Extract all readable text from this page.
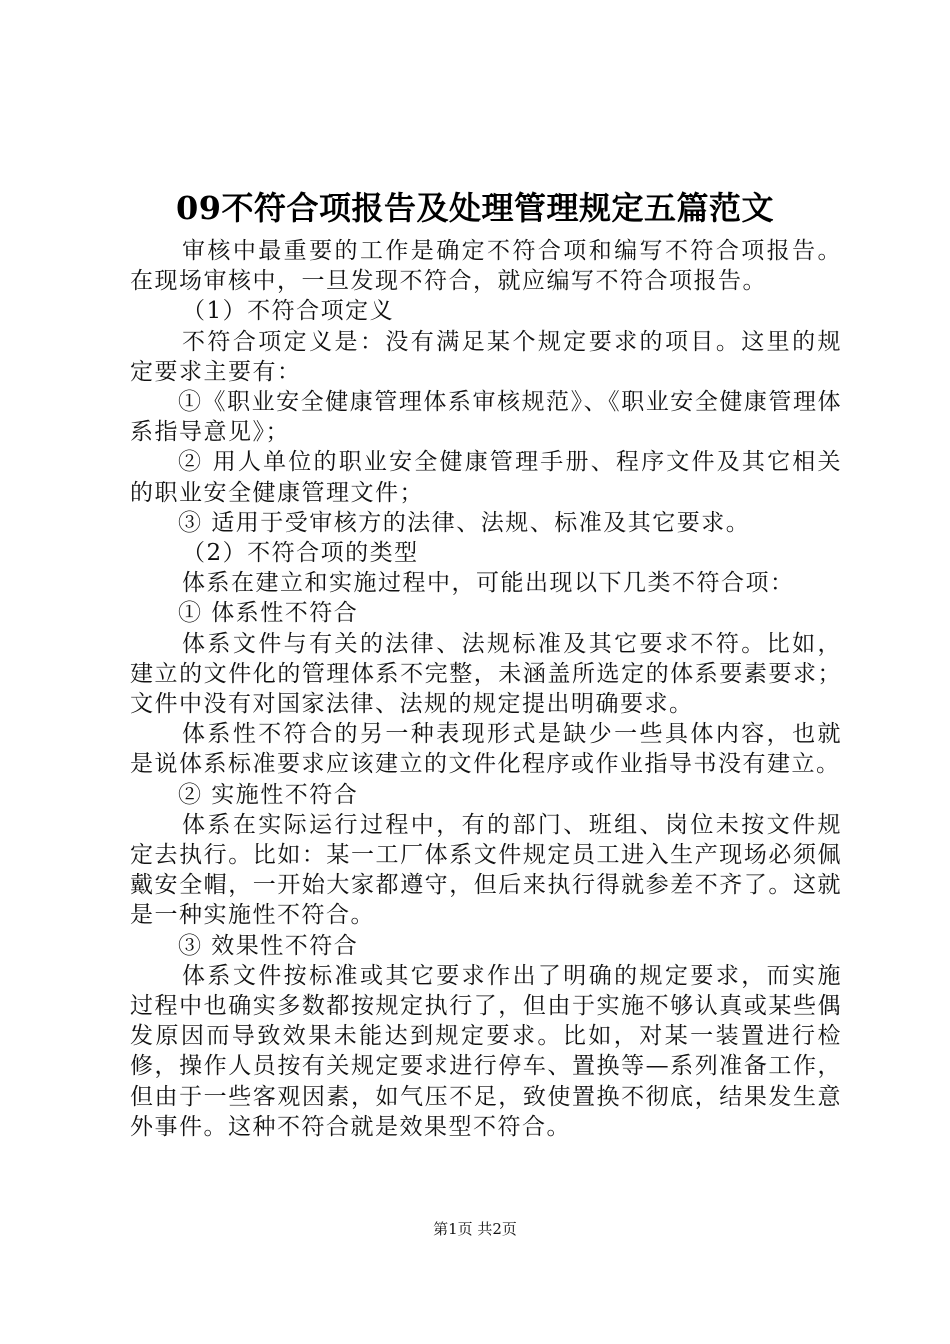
09不符合项报告及处理管理规定五篇范文

审核中最重要的工作是确定不符合项和编写不符合项报告。在现场审核中，一旦发现不符合，就应编写不符合项报告。

（1）不符合项定义

不符合项定义是：没有满足某个规定要求的项目。这里的规定要求主要有：

①《职业安全健康管理体系审核规范》、《职业安全健康管理体系指导意见》；

② 用人单位的职业安全健康管理手册、程序文件及其它相关的职业安全健康管理文件；

③ 适用于受审核方的法律、法规、标准及其它要求。

（2）不符合项的类型

体系在建立和实施过程中，可能出现以下几类不符合项：

① 体系性不符合

体系文件与有关的法律、法规标准及其它要求不符。比如，建立的文件化的管理体系不完整，未涵盖所选定的体系要素要求；文件中没有对国家法律、法规的规定提出明确要求。

体系性不符合的另一种表现形式是缺少一些具体内容，也就是说体系标准要求应该建立的文件化程序或作业指导书没有建立。

② 实施性不符合

体系在实际运行过程中，有的部门、班组、岗位未按文件规定去执行。比如：某一工厂体系文件规定员工进入生产现场必须佩戴安全帽，一开始大家都遵守，但后来执行得就参差不齐了。这就是一种实施性不符合。

③ 效果性不符合

体系文件按标准或其它要求作出了明确的规定要求，而实施过程中也确实多数都按规定执行了，但由于实施不够认真或某些偶发原因而导致效果未能达到规定要求。比如，对某一装置进行检修，操作人员按有关规定要求进行停车、置换等—系列准备工作，但由于一些客观因素，如气压不足，致使置换不彻底，结果发生意外事件。这种不符合就是效果型不符合。

第1页 共2页
